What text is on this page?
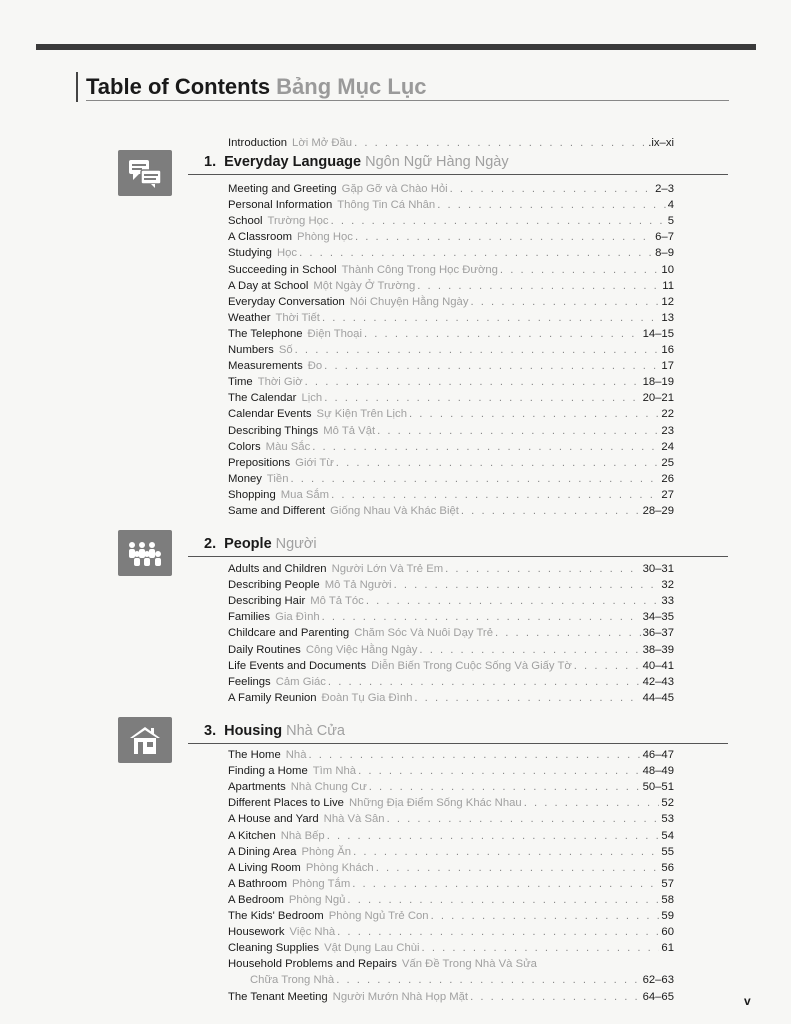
Table of Contents Bảng Mục Lục
Introduction Lời Mở Đầu . . .	.ix–xi
1. Everyday Language Ngôn Ngữ Hàng Ngày
Meeting and Greeting Gặp Gỡ và Chào Hỏi . . .	2–3
Personal Information Thông Tin Cá Nhân . . .	4
School Trường Học . . .	5
A Classroom Phòng Học . . .	6–7
Studying Học . . .	8–9
Succeeding in School Thành Công Trong Học Đường . . .	10
A Day at School Một Ngày Ở Trường . . .	11
Everyday Conversation Nói Chuyện Hằng Ngày . . .	12
Weather Thời Tiết . . .	13
The Telephone Điện Thoại . . .	14–15
Numbers Số . . .	16
Measurements Đo . . .	17
Time Thời Giờ . . .	18–19
The Calendar Lịch . . .	20–21
Calendar Events Sự Kiện Trên Lịch . . .	22
Describing Things Mô Tả Vật . . .	23
Colors Màu Sắc . . .	24
Prepositions Giới Từ . . .	25
Money Tiền . . .	26
Shopping Mua Sắm . . .	27
Same and Different Giống Nhau Và Khác Biệt . . .	28–29
2. People Người
Adults and Children Người Lớn Và Trẻ Em . . .	30–31
Describing People Mô Tả Người . . .	32
Describing Hair Mô Tả Tóc . . .	33
Families Gia Đình . . .	34–35
Childcare and Parenting Chăm Sóc Và Nuôi Dạy Trẻ . . .	36–37
Daily Routines Công Việc Hằng Ngày . . .	38–39
Life Events and Documents Diễn Biến Trong Cuộc Sống Và Giấy Tờ . . .	40–41
Feelings Cảm Giác . . .	42–43
A Family Reunion Đoàn Tụ Gia Đình . . .	44–45
3. Housing Nhà Cửa
The Home Nhà . . .	46–47
Finding a Home Tìm Nhà . . .	48–49
Apartments Nhà Chung Cư . . .	50–51
Different Places to Live Những Địa Điểm Sống Khác Nhau . . .	52
A House and Yard Nhà Và Sân . . .	53
A Kitchen Nhà Bếp . . .	54
A Dining Area Phòng Ăn . . .	55
A Living Room Phòng Khách . . .	56
A Bathroom Phòng Tắm . . .	57
A Bedroom Phòng Ngủ . . .	58
The Kids' Bedroom Phòng Ngủ Trẻ Con . . .	59
Housework Việc Nhà . . .	60
Cleaning Supplies Vật Dụng Lau Chùi . . .	61
Household Problems and Repairs Vấn Đề Trong Nhà Và Sửa
Chữa Trong Nhà . . .	62–63
The Tenant Meeting Người Mướn Nhà Họp Mặt . . .	64–65	v
